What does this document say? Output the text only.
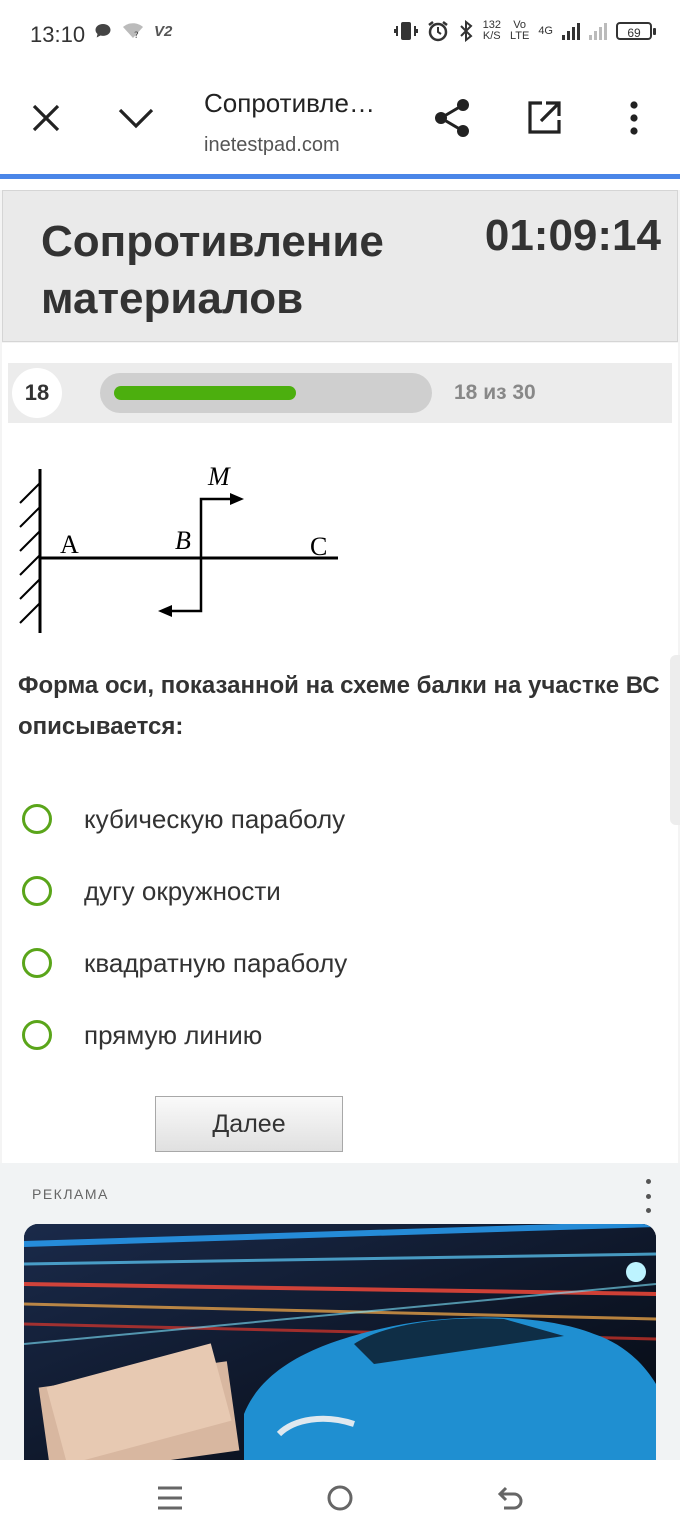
13:10	? V2	132
K/S
Vo
LTE 4G	69
Сопротивле…
inetestpad.com
Сопротивление материалов
01:09:14
18	18 из 30
A	B	C
M
Форма оси, показанной на схеме балки на участке ВС описывается:
кубическую параболу
дугу окружности
квадратную параболу
прямую линию
Далее
РЕКЛАМА
